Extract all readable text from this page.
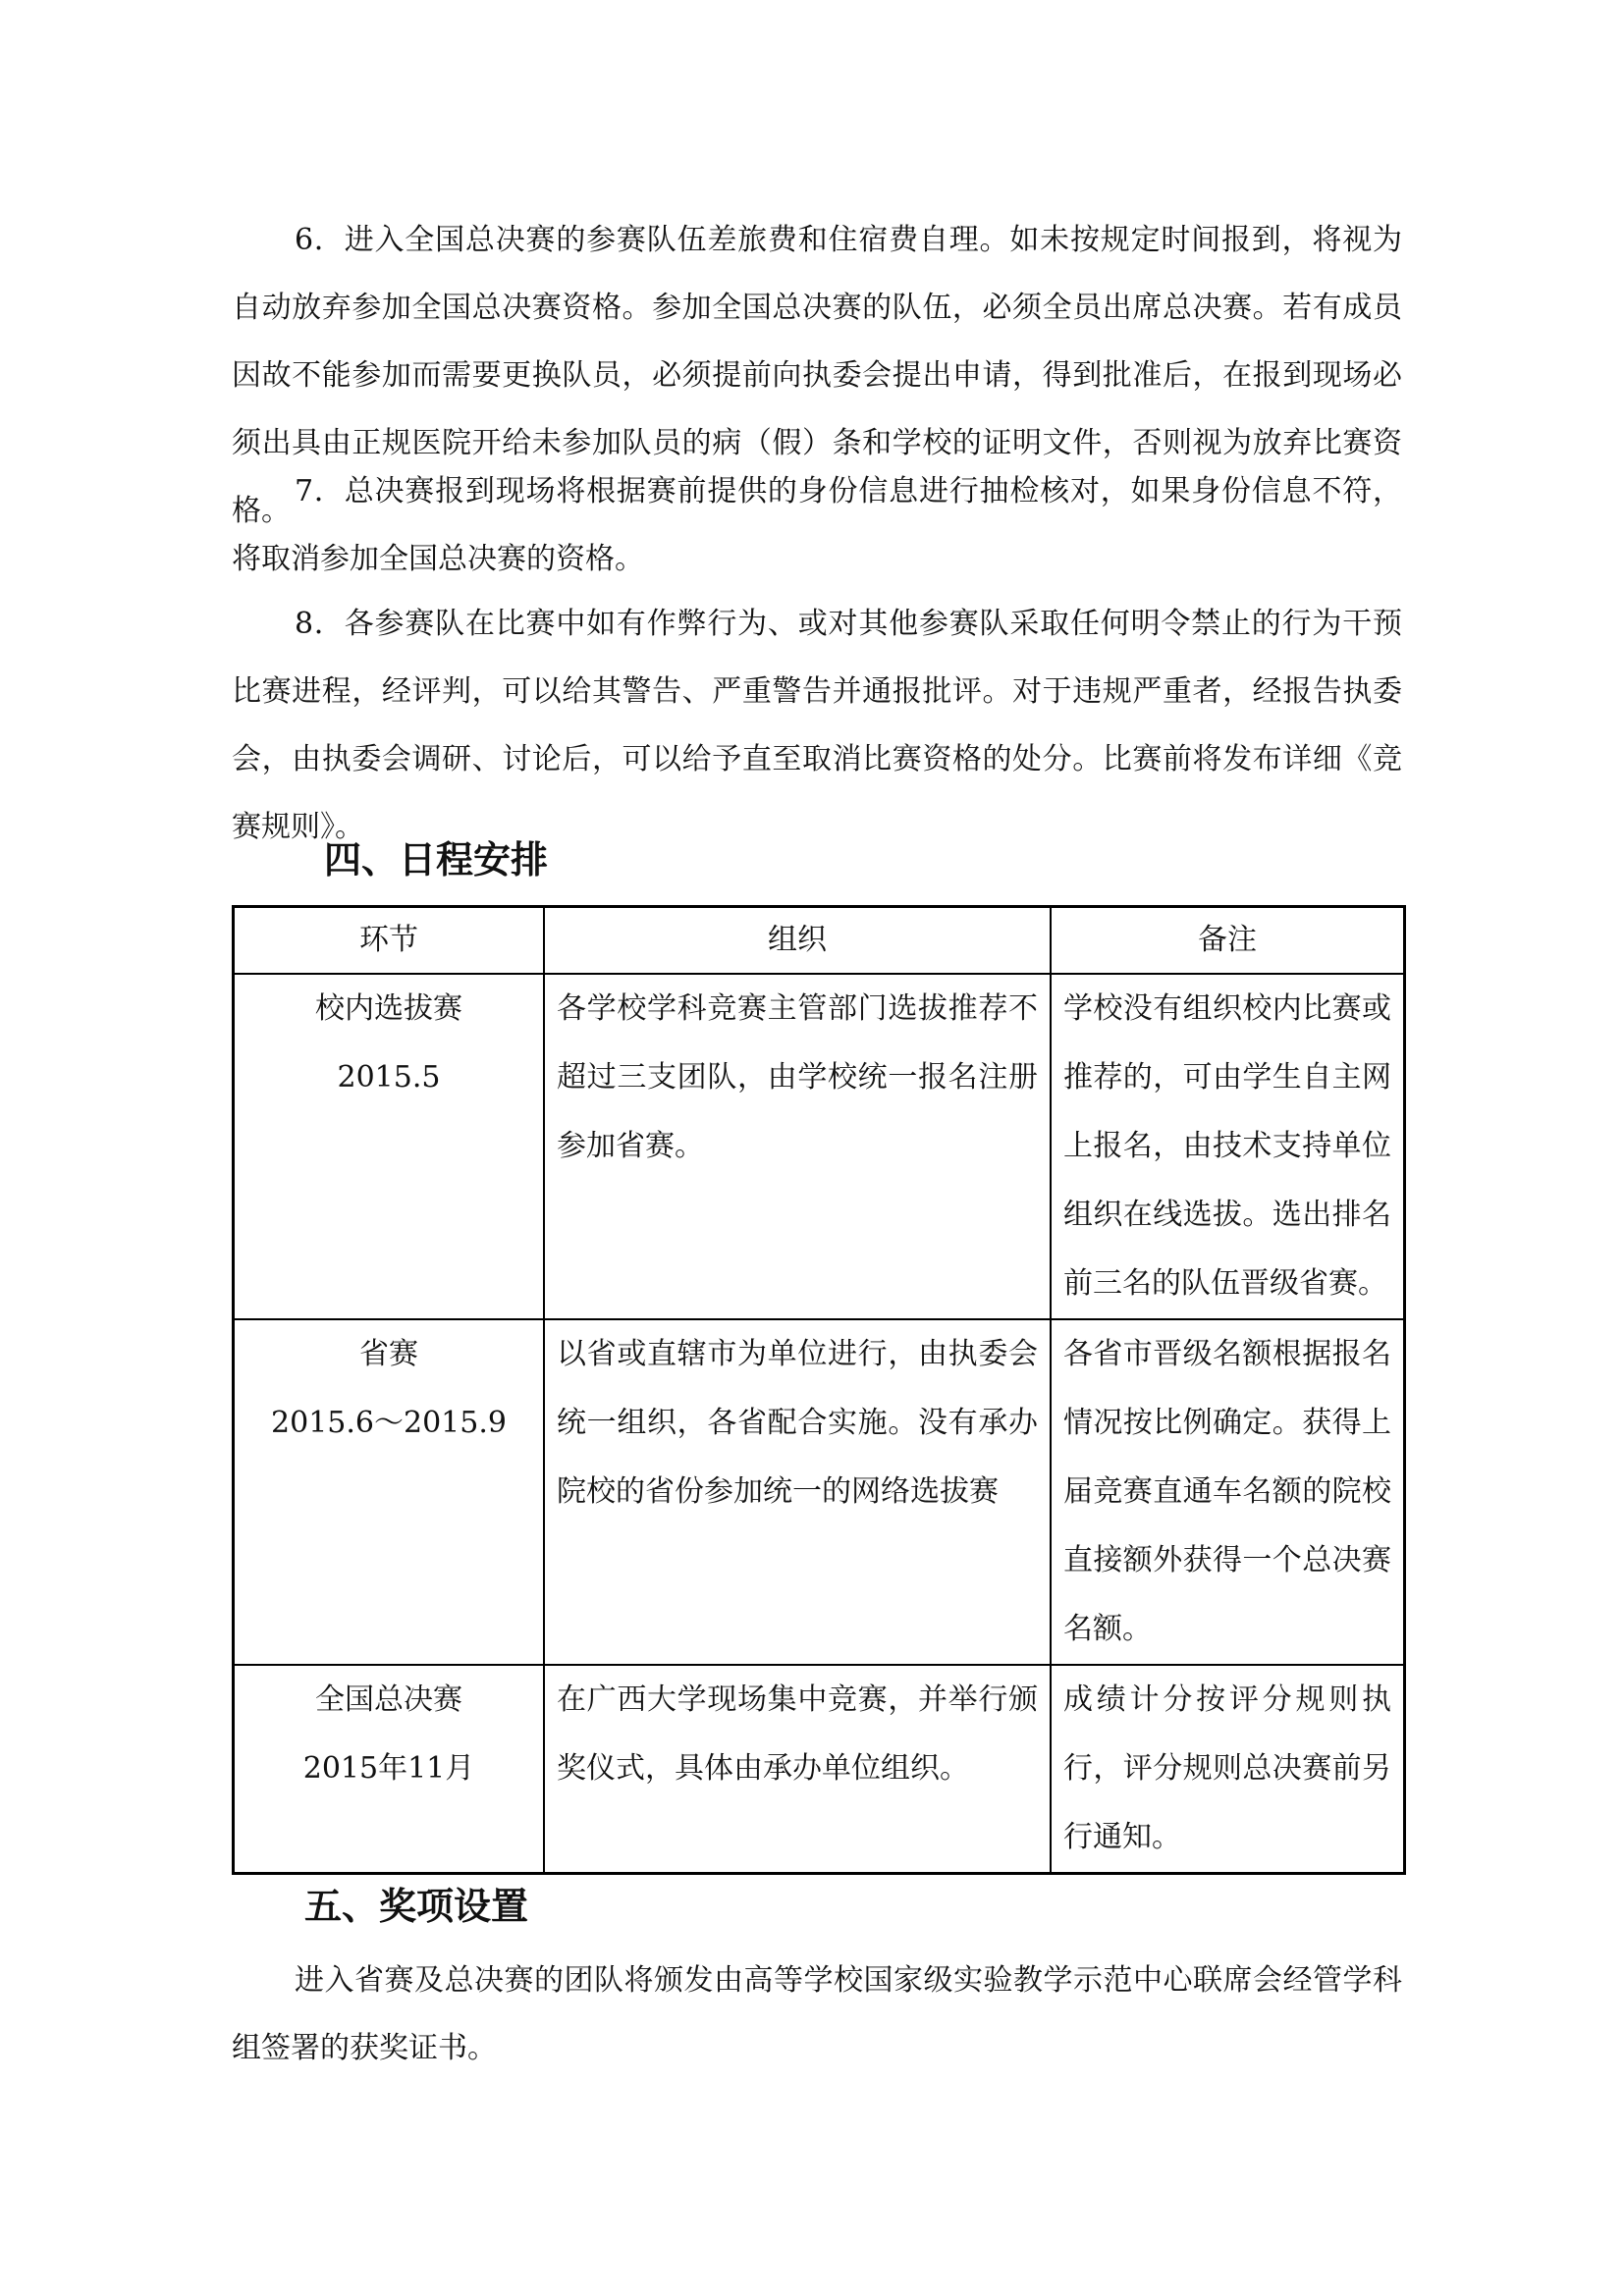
6．进入全国总决赛的参赛队伍差旅费和住宿费自理。如未按规定时间报到，将视为自动放弃参加全国总决赛资格。参加全国总决赛的队伍，必须全员出席总决赛。若有成员因故不能参加而需要更换队员，必须提前向执委会提出申请，得到批准后，在报到现场必须出具由正规医院开给未参加队员的病（假）条和学校的证明文件，否则视为放弃比赛资格。

7．总决赛报到现场将根据赛前提供的身份信息进行抽检核对，如果身份信息不符，将取消参加全国总决赛的资格。

8．各参赛队在比赛中如有作弊行为、或对其他参赛队采取任何明令禁止的行为干预比赛进程，经评判，可以给其警告、严重警告并通报批评。对于违规严重者，经报告执委会，由执委会调研、讨论后，可以给予直至取消比赛资格的处分。比赛前将发布详细《竞赛规则》。

四、日程安排
环节	组织	备注

校内选拔赛
2015.5	各学校学科竞赛主管部门选拔推荐不超过三支团队，由学校统一报名注册参加省赛。	学校没有组织校内比赛或推荐的，可由学生自主网上报名，由技术支持单位组织在线选拔。选出排名前三名的队伍晋级省赛。

省赛
2015.6～2015.9	以省或直辖市为单位进行，由执委会统一组织，各省配合实施。没有承办院校的省份参加统一的网络选拔赛	各省市晋级名额根据报名情况按比例确定。获得上届竞赛直通车名额的院校直接额外获得一个总决赛名额。

全国总决赛
2015年11月	在广西大学现场集中竞赛，并举行颁奖仪式，具体由承办单位组织。	成绩计分按评分规则执行，评分规则总决赛前另行通知。
五、奖项设置

进入省赛及总决赛的团队将颁发由高等学校国家级实验教学示范中心联席会经管学科组签署的获奖证书。
